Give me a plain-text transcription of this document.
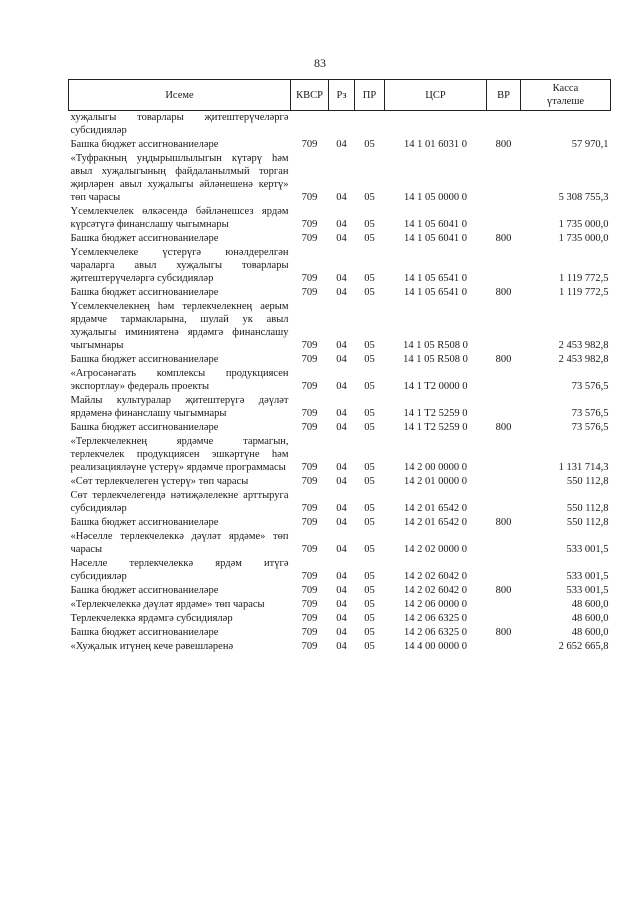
83
Исеме	КВСР	Рз	ПР	ЦСР	ВР	Касса
үтәлеше

хуҗалыгы товарлары җитештерүчеләргә субсидияләр						
Башка бюджет ассигнованиеләре	709	04	05	14 1 01 6031 0	800	57 970,1
«Туфракның уңдырышлылыгын күтәрү һәм авыл хуҗалыгының файдаланылмый торган җирләрен авыл хуҗалыгы әйләнешенә кертү» төп чарасы	709	04	05	14 1 05 0000 0		5 308 755,3
Үсемлекчелек өлкәсендә бәйләнешсез ярдәм күрсәтүгә финанслашу чыгымнары	709	04	05	14 1 05 6041 0		1 735 000,0
Башка бюджет ассигнованиеләре	709	04	05	14 1 05 6041 0	800	1 735 000,0
Үсемлекчелеке үстерүгә юнәлдерелгән чараларга авыл хуҗалыгы товарлары җитештерүчеләргә субсидияләр	709	04	05	14 1 05 6541 0		1 119 772,5
Башка бюджет ассигнованиеләре	709	04	05	14 1 05 6541 0	800	1 119 772,5
Үсемлекчелекнең һәм терлекчелекнең аерым ярдәмче тармакларына, шулай ук авыл хуҗалыгы иминиятенә ярдәмгә финанслашу чыгымнары	709	04	05	14 1 05 R508 0		2 453 982,8
Башка бюджет ассигнованиеләре	709	04	05	14 1 05 R508 0	800	2 453 982,8
«Агросәнәгать комплексы продукциясен экспортлау» федераль проекты	709	04	05	14 1 T2 0000 0		73 576,5
Майлы культуралар җитештерүгә дәүләт ярдәменә финанслашу чыгымнары	709	04	05	14 1 T2 5259 0		73 576,5
Башка бюджет ассигнованиеләре	709	04	05	14 1 T2 5259 0	800	73 576,5
«Терлекчелекнең ярдәмче тармагын, терлекчелек продукциясен эшкәртүне һәм реализацияләүне үстерү» ярдәмче программасы	709	04	05	14 2 00 0000 0		1 131 714,3
«Сөт терлекчелеген үстерү» төп чарасы	709	04	05	14 2 01 0000 0		550 112,8
Сөт терлекчелегендә нәтиҗәлелекне арттыруга субсидияләр	709	04	05	14 2 01 6542 0		550 112,8
Башка бюджет ассигнованиеләре	709	04	05	14 2 01 6542 0	800	550 112,8
«Нәселле терлекчелеккә дәүләт ярдәме» төп чарасы	709	04	05	14 2 02 0000 0		533 001,5
Нәселле терлекчелеккә ярдәм итүгә субсидияләр	709	04	05	14 2 02 6042 0		533 001,5
Башка бюджет ассигнованиеләре	709	04	05	14 2 02 6042 0	800	533 001,5
«Терлекчелеккә дәүләт ярдәме» төп чарасы	709	04	05	14 2 06 0000 0		48 600,0
Терлекчелеккә ярдәмгә субсидияләр	709	04	05	14 2 06 6325 0		48 600,0
Башка бюджет ассигнованиеләре	709	04	05	14 2 06 6325 0	800	48 600,0
«Хуҗалык итүнең кече рәвешләренә	709	04	05	14 4 00 0000 0		2 652 665,8
